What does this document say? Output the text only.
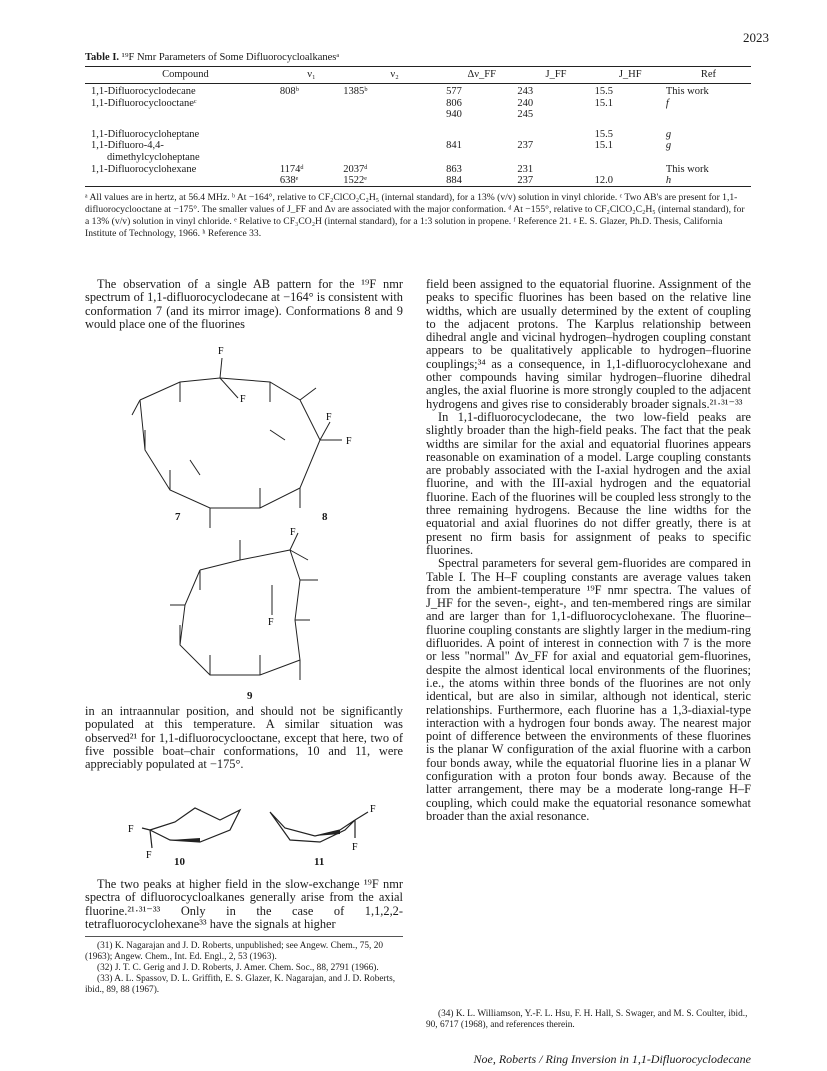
2023
Table I. ¹⁹F Nmr Parameters of Some Difluorocycloalkanesᵃ
Compound	ν₁	ν₂	Δν_FF	J_FF	J_HF	Ref

1,1-Difluorocyclodecane	808ᵇ	1385ᵇ	577	243	15.5	This work
1,1-Difluorocyclooctaneᶜ			806	240	15.1	f
			940	245		

1,1-Difluorocycloheptane					15.5	g
1,1-Difluoro-4,4-			841	237	15.1	g
dimethylcycloheptane						
1,1-Difluorocyclohexane	1174ᵈ	2037ᵈ	863	231		This work
	638ᵉ	1522ᵉ	884	237	12.0	h
ᵃ All values are in hertz, at 56.4 MHz. ᵇ At −164°, relative to CF₂ClCO₂C₂H₅ (internal standard), for a 13% (v/v) solution in vinyl chloride. ᶜ Two AB's are present for 1,1-difluorocyclooctane at −175°. The smaller values of J_FF and Δν are associated with the major conformation. ᵈ At −155°, relative to CF₂ClCO₂C₂H₅ (internal standard), for a 13% (v/v) solution in vinyl chloride. ᵉ Relative to CF₃CO₂H (internal standard), for a 1:3 solution in propene. ᶠ Reference 21. ᵍ E. S. Glazer, Ph.D. Thesis, California Institute of Technology, 1966. ʰ Reference 33.

The observation of a single AB pattern for the ¹⁹F nmr spectrum of 1,1-difluorocyclodecane at −164° is consistent with conformation 7 (and its mirror image). Conformations 8 and 9 would place one of the fluorines

F
F
F
F
7	8
F
F
9

in an intraannular position, and should not be significantly populated at this temperature. A similar situation was observed²¹ for 1,1-difluorocyclooctane, except that here, two of five possible boat–chair conformations, 10 and 11, were appreciably populated at −175°.

F
F
F
F
10	11

The two peaks at higher field in the slow-exchange ¹⁹F nmr spectra of difluorocycloalkanes generally arise from the axial fluorine.²¹·³¹⁻³³ Only in the case of 1,1,2,2-tetrafluorocyclohexane³³ have the signals at higher

(31) K. Nagarajan and J. D. Roberts, unpublished; see Angew. Chem., 75, 20 (1963); Angew. Chem., Int. Ed. Engl., 2, 53 (1963).

(32) J. T. C. Gerig and J. D. Roberts, J. Amer. Chem. Soc., 88, 2791 (1966).

(33) A. L. Spassov, D. L. Griffith, E. S. Glazer, K. Nagarajan, and J. D. Roberts, ibid., 89, 88 (1967).

field been assigned to the equatorial fluorine. Assignment of the peaks to specific fluorines has been based on the relative line widths, which are usually determined by the extent of coupling to the adjacent protons. The Karplus relationship between dihedral angle and vicinal hydrogen–hydrogen coupling constant appears to be qualitatively applicable to hydrogen–fluorine couplings;³⁴ as a consequence, in 1,1-difluorocyclohexane and other compounds having similar hydrogen–fluorine dihedral angles, the axial fluorine is more strongly coupled to the adjacent hydrogens and gives rise to considerably broader signals.²¹·³¹⁻³³

In 1,1-difluorocyclodecane, the two low-field peaks are slightly broader than the high-field peaks. The fact that the peak widths are similar for the axial and equatorial fluorines appears reasonable on examination of a model. Large coupling constants are probably associated with the I-axial hydrogen and the axial fluorine, and with the III-axial hydrogen and the equatorial fluorine. Each of the fluorines will be coupled less strongly to the three remaining hydrogens. Because the line widths for the equatorial and axial fluorines do not differ greatly, there is at present no firm basis for assignment of peaks to specific fluorines.

Spectral parameters for several gem-fluorides are compared in Table I. The H–F coupling constants are average values taken from the ambient-temperature ¹⁹F nmr spectra. The values of J_HF for the seven-, eight-, and ten-membered rings are similar and are larger than for 1,1-difluorocyclohexane. The fluorine–fluorine coupling constants are slightly larger in the medium-ring difluorides. A point of interest in connection with 7 is the more or less "normal" Δν_FF for axial and equatorial gem-fluorines, despite the almost identical local environments of the fluorines; i.e., the atoms within three bonds of the fluorines are not only identical, but are also in similar, although not identical, steric relationships. Furthermore, each fluorine has a 1,3-diaxial-type interaction with a hydrogen four bonds away. The nearest major point of difference between the environments of these fluorines is the planar W configuration of the axial fluorine with a carbon four bonds away, while the equatorial fluorine lies in a planar W configuration with a proton four bonds away. Because of the latter arrangement, there may be a moderate long-range H–F coupling, which could make the equatorial resonance somewhat broader than the axial resonance.

(34) K. L. Williamson, Y.-F. L. Hsu, F. H. Hall, S. Swager, and M. S. Coulter, ibid., 90, 6717 (1968), and references therein.

Noe, Roberts / Ring Inversion in 1,1-Difluorocyclodecane
